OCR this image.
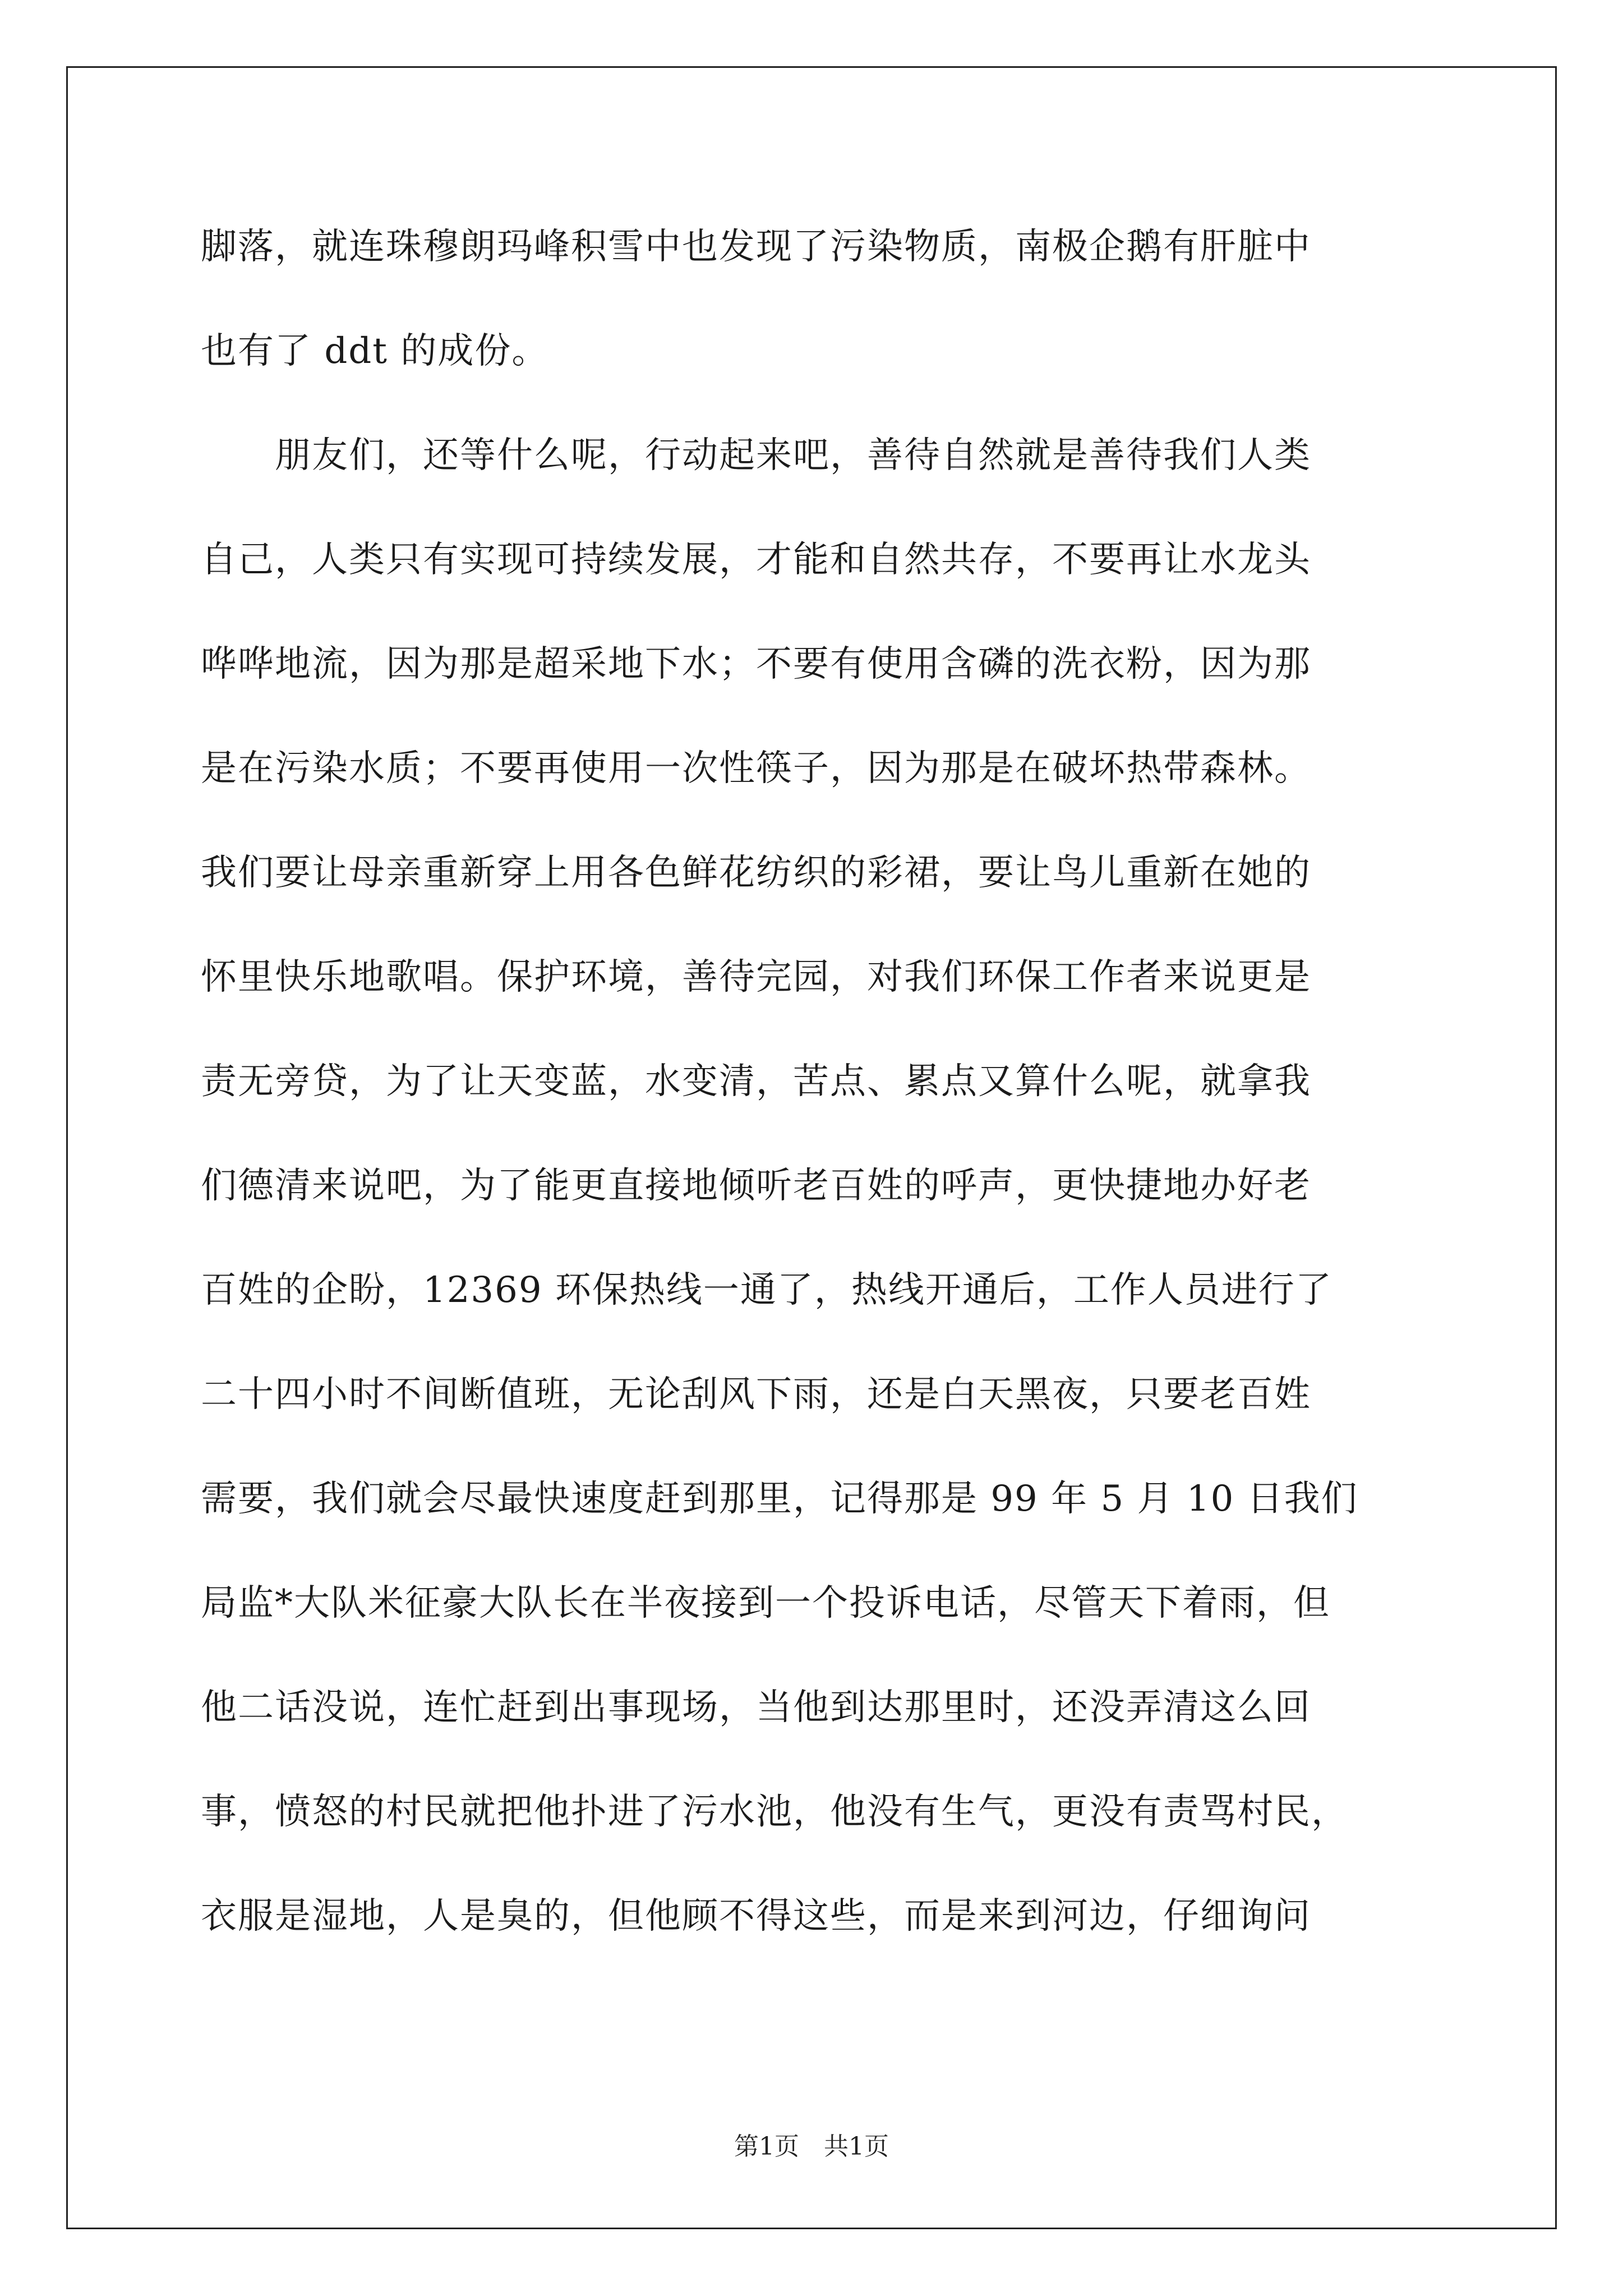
脚落，就连珠穆朗玛峰积雪中也发现了污染物质，南极企鹅有肝脏中
也有了 ddt 的成份。
朋友们，还等什么呢，行动起来吧，善待自然就是善待我们人类
自己，人类只有实现可持续发展，才能和自然共存，不要再让水龙头
哗哗地流，因为那是超采地下水；不要有使用含磷的洗衣粉，因为那
是在污染水质；不要再使用一次性筷子，因为那是在破坏热带森林。
我们要让母亲重新穿上用各色鲜花纺织的彩裙，要让鸟儿重新在她的
怀里快乐地歌唱。保护环境，善待完园，对我们环保工作者来说更是
责无旁贷，为了让天变蓝，水变清，苦点、累点又算什么呢，就拿我
们德清来说吧，为了能更直接地倾听老百姓的呼声，更快捷地办好老
百姓的企盼，12369 环保热线一通了，热线开通后，工作人员进行了
二十四小时不间断值班，无论刮风下雨，还是白天黑夜，只要老百姓
需要，我们就会尽最快速度赶到那里，记得那是 99 年 5 月 10 日我们
局监*大队米征豪大队长在半夜接到一个投诉电话，尽管天下着雨，但
他二话没说，连忙赶到出事现场，当他到达那里时，还没弄清这么回
事，愤怒的村民就把他扑进了污水池，他没有生气，更没有责骂村民，
衣服是湿地，人是臭的，但他顾不得这些，而是来到河边，仔细询问
第1页　共1页
